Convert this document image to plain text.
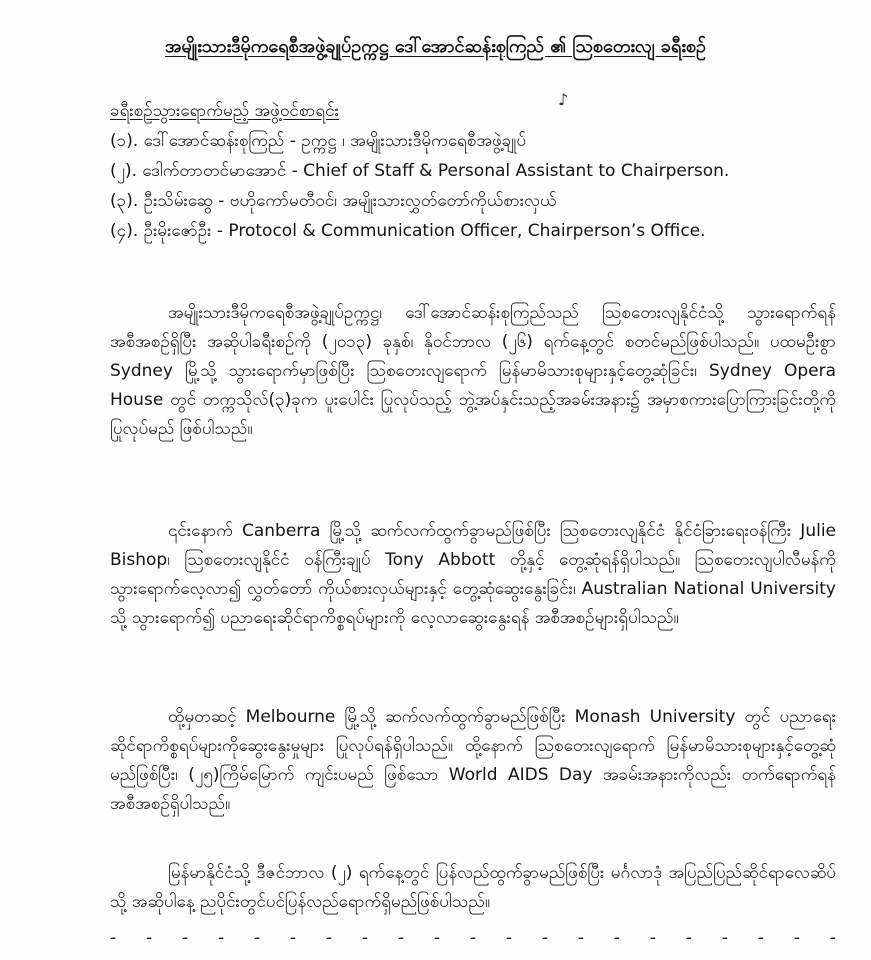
အမျိုးသားဒီမိုကရေစီအဖွဲ့ချုပ်ဥက္ကဋ္ဌ ဒေါ်အောင်ဆန်းစုကြည် ၏ သြစတေးလျ ခရီးစဉ်
♪
ခရီးစဉ်သွားရောက်မည့် အဖွဲ့ဝင်စာရင်း
(၁). ဒေါ်အောင်ဆန်းစုကြည် - ဥက္ကဋ္ဌ ၊ အမျိုးသားဒီမိုကရေစီအဖွဲ့ချုပ်
(၂). ဒေါက်တာတင်မာအောင် - Chief of Staff & Personal Assistant to Chairperson.
(၃). ဦးသိမ်းဆွေ - ဗဟိုကော်မတီဝင်၊ အမျိုးသားလွှတ်တော်ကိုယ်စားလှယ်
(၄). ဦးမိုးဇော်ဦး - Protocol & Communication Officer, Chairperson’s Office.

အမျိုးသားဒီမိုကရေစီအဖွဲ့ချုပ်ဥက္ကဋ္ဌ၊ ဒေါ်အောင်ဆန်းစုကြည်သည် သြစတေးလျနိုင်ငံသို့ သွားရောက်ရန်အစီအစဉ်ရှိပြီး အဆိုပါခရီးစဉ်ကို (၂၀၁၃) ခုနှစ်၊ နိုဝင်ဘာလ (၂၆) ရက်နေ့တွင် စတင်မည်ဖြစ်ပါသည်။ ပထမဦးစွာ Sydney မြို့သို့ သွားရောက်မှာဖြစ်ပြီး သြစတေးလျရောက် မြန်မာမိသားစုများနှင့်တွေ့ဆုံခြင်း၊ Sydney Opera House တွင် တက္ကသိုလ်(၃)ခုက ပူးပေါင်း ပြုလုပ်သည့် ဘွဲ့အပ်နှင်းသည့်အခမ်းအနား၌ အမှာစကားပြောကြားခြင်းတို့ကို ပြုလုပ်မည် ဖြစ်ပါသည်။

၎င်းနောက် Canberra မြို့သို့ ဆက်လက်ထွက်ခွာမည်ဖြစ်ပြီး သြစတေးလျနိုင်ငံ နိုင်ငံခြားရေးဝန်ကြီး Julie Bishop၊ သြစတေးလျနိုင်ငံ ဝန်ကြီးချုပ် Tony Abbott တို့နှင့် တွေ့ဆုံရန်ရှိပါသည်။ သြစတေးလျပါလီမန်ကို သွားရောက်လေ့လာ၍ လွှတ်တော် ကိုယ်စားလှယ်များနှင့် တွေ့ဆုံဆွေးနွေးခြင်း၊ Australian National University သို့ သွားရောက်၍ ပညာရေးဆိုင်ရာကိစ္စရပ်များကို လေ့လာဆွေးနွေးရန် အစီအစဉ်များရှိပါသည်။

ထို့မှတဆင့် Melbourne မြို့သို့ ဆက်လက်ထွက်ခွာမည်ဖြစ်ပြီး Monash University တွင် ပညာရေးဆိုင်ရာကိစ္စရပ်များကိုဆွေးနွေးမှုများ ပြုလုပ်ရန်ရှိပါသည်။ ထို့နောက် သြစတေးလျရောက် မြန်မာမိသားစုများနှင့်တွေ့ဆုံမည်ဖြစ်ပြီး၊ (၂၅)ကြိမ်မြောက် ကျင်းပမည် ဖြစ်သော World AIDS Day အခမ်းအနားကိုလည်း တက်ရောက်ရန် အစီအစဉ်ရှိပါသည်။

မြန်မာနိုင်ငံသို့ ဒီဇင်ဘာလ (၂) ရက်နေ့တွင် ပြန်လည်ထွက်ခွာမည်ဖြစ်ပြီး မင်္ဂလာဒုံ အပြည်ပြည်ဆိုင်ရာလေဆိပ်သို့ အဆိုပါနေ့ ညပိုင်းတွင်ပင်ပြန်လည်ရောက်ရှိမည်ဖြစ်ပါသည်။

- - - - - - - - - - - - - - - - - - - - -
